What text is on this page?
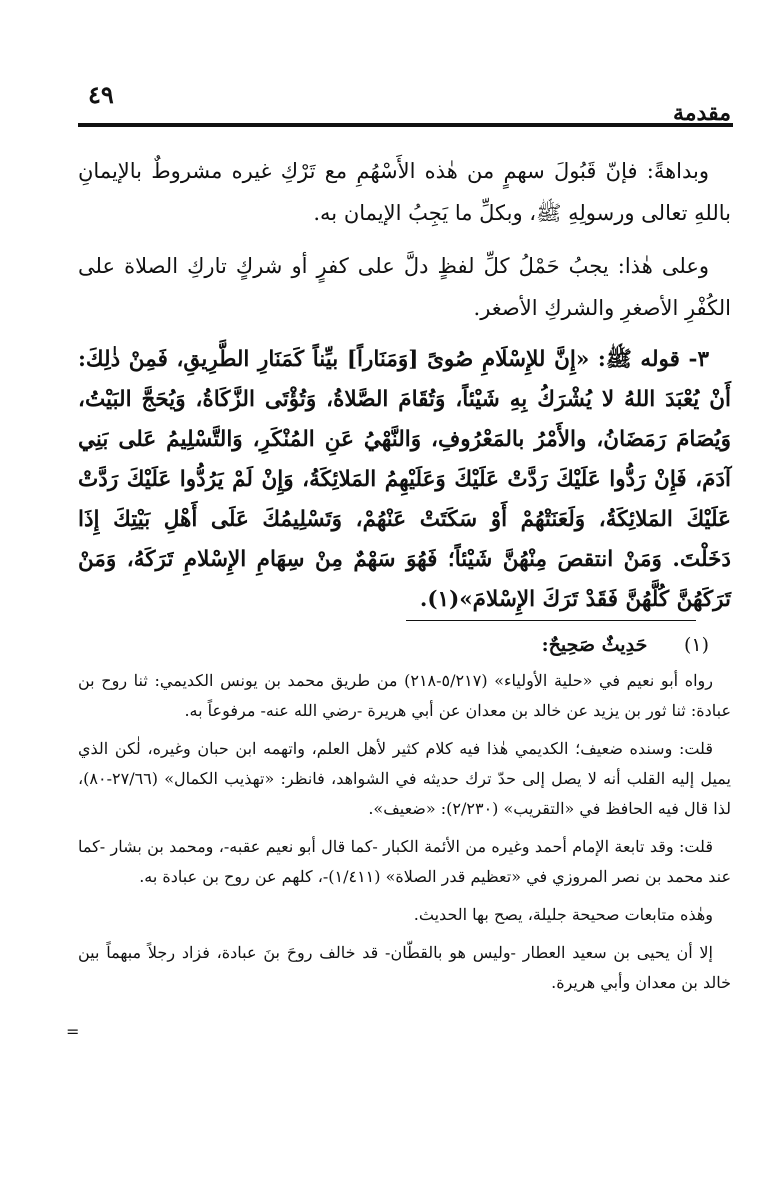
٤٩
مقدمة

وبداهةً: فإنّ قَبُولَ سهمٍ من هٰذه الأَسْهُمِ مع تَرْكِ غيره مشروطٌ بالإيمانِ باللهِ تعالى ورسولِهِ ﷺ، وبكلِّ ما يَجِبُ الإيمان به.

وعلى هٰذا: يجبُ حَمْلُ كلِّ لفظٍ دلَّ على كفرٍ أو شركٍ تاركِ الصلاة على الكُفْرِ الأصغرِ والشركِ الأصغر.

٣- قوله ﷺ: «إِنَّ للإِسْلَامِ صُوىً [وَمَنَاراً] بيِّناً كَمَنَارِ الطَّرِيقِ، فَمِنْ ذٰلِكَ: أَنْ يُعْبَدَ اللهُ لا يُشْرَكُ بِهِ شَيْئاً، وَتُقَامَ الصَّلاةُ، وَتُؤْتَى الزَّكَاةُ، وَيُحَجَّ البَيْتُ، وَيُصَامَ رَمَضَانُ، والأَمْرُ بالمَعْرُوفِ، وَالنَّهْيُ عَنِ المُنْكَرِ، وَالتَّسْلِيمُ عَلى بَنِي آدَمَ، فَإِنْ رَدُّوا عَلَيْكَ رَدَّتْ عَلَيْكَ وَعَلَيْهِمُ المَلائِكَةُ، وَإِنْ لَمْ يَرُدُّوا عَلَيْكَ رَدَّتْ عَلَيْكَ المَلائِكَةُ، وَلَعَنَتْهُمْ أَوْ سَكَتَتْ عَنْهُمْ، وَتَسْلِيمُكَ عَلَى أَهْلِ بَيْتِكَ إِذَا دَخَلْتَ. وَمَنْ انتقصَ مِنْهُنَّ شَيْئاً؛ فَهُوَ سَهْمٌ مِنْ سِهَامِ الإِسْلامِ تَرَكَهُ، وَمَنْ تَرَكَهُنَّ كُلَّهُنَّ فَقَدْ تَرَكَ الإِسْلامَ»(١).

(١) حَدِيثٌ صَحِيحٌ:

رواه أبو نعيم في «حلية الأولياء» (٥/٢١٧-٢١٨) من طريق محمد بن يونس الكديمي: ثنا روح بن عبادة: ثنا ثور بن يزيد عن خالد بن معدان عن أبي هريرة -رضي الله عنه- مرفوعاً به.

قلت: وسنده ضعيف؛ الكديمي هٰذا فيه كلام كثير لأهل العلم، واتهمه ابن حبان وغيره، لٰكن الذي يميل إليه القلب أنه لا يصل إلى حدّ ترك حديثه في الشواهد، فانظر: «تهذيب الكمال» (٢٧/٦٦-٨٠)، لذا قال فيه الحافظ في «التقريب» (٢/٢٣٠): «ضعيف».

قلت: وقد تابعة الإمام أحمد وغيره من الأئمة الكبار -كما قال أبو نعيم عقبه-، ومحمد بن بشار -كما عند محمد بن نصر المروزي في «تعظيم قدر الصلاة» (١/٤١١)-، كلهم عن روح بن عبادة به.

وهٰذه متابعات صحيحة جليلة، يصح بها الحديث.

إلا أن يحيى بن سعيد العطار -وليس هو بالقطّان- قد خالف روحَ بنَ عبادة، فزاد رجلاً مبهماً بين خالد بن معدان وأبي هريرة.

=
